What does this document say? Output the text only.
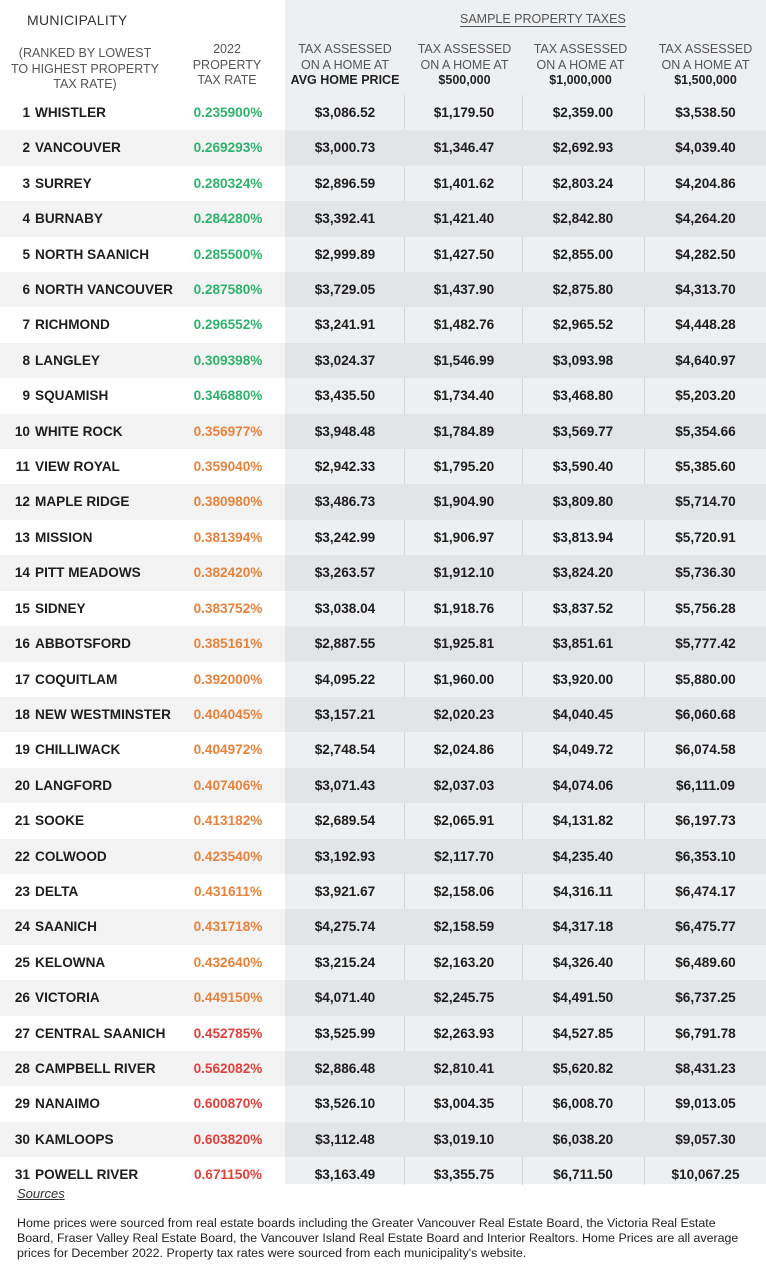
MUNICIPALITY
(RANKED BY LOWEST
TO HIGHEST PROPERTY
TAX RATE)
2022
PROPERTY
TAX RATE
SAMPLE PROPERTY TAXES
TAX ASSESSED
ON A HOME AT
AVG HOME PRICE
TAX ASSESSED
ON A HOME AT
$500,000
TAX ASSESSED
ON A HOME AT
$1,000,000
TAX ASSESSED
ON A HOME AT
$1,500,000
1 WHISTLER	0.235900%	$3,086.52	$1,179.50	$2,359.00	$3,538.50
2 VANCOUVER	0.269293%	$3,000.73	$1,346.47	$2,692.93	$4,039.40
3 SURREY	0.280324%	$2,896.59	$1,401.62	$2,803.24	$4,204.86
4 BURNABY	0.284280%	$3,392.41	$1,421.40	$2,842.80	$4,264.20
5 NORTH SAANICH	0.285500%	$2,999.89	$1,427.50	$2,855.00	$4,282.50
6 NORTH VANCOUVER	0.287580%	$3,729.05	$1,437.90	$2,875.80	$4,313.70
7 RICHMOND	0.296552%	$3,241.91	$1,482.76	$2,965.52	$4,448.28
8 LANGLEY	0.309398%	$3,024.37	$1,546.99	$3,093.98	$4,640.97
9 SQUAMISH	0.346880%	$3,435.50	$1,734.40	$3,468.80	$5,203.20
10 WHITE ROCK	0.356977%	$3,948.48	$1,784.89	$3,569.77	$5,354.66
11 VIEW ROYAL	0.359040%	$2,942.33	$1,795.20	$3,590.40	$5,385.60
12 MAPLE RIDGE	0.380980%	$3,486.73	$1,904.90	$3,809.80	$5,714.70
13 MISSION	0.381394%	$3,242.99	$1,906.97	$3,813.94	$5,720.91
14 PITT MEADOWS	0.382420%	$3,263.57	$1,912.10	$3,824.20	$5,736.30
15 SIDNEY	0.383752%	$3,038.04	$1,918.76	$3,837.52	$5,756.28
16 ABBOTSFORD	0.385161%	$2,887.55	$1,925.81	$3,851.61	$5,777.42
17 COQUITLAM	0.392000%	$4,095.22	$1,960.00	$3,920.00	$5,880.00
18 NEW WESTMINSTER	0.404045%	$3,157.21	$2,020.23	$4,040.45	$6,060.68
19 CHILLIWACK	0.404972%	$2,748.54	$2,024.86	$4,049.72	$6,074.58
20 LANGFORD	0.407406%	$3,071.43	$2,037.03	$4,074.06	$6,111.09
21 SOOKE	0.413182%	$2,689.54	$2,065.91	$4,131.82	$6,197.73
22 COLWOOD	0.423540%	$3,192.93	$2,117.70	$4,235.40	$6,353.10
23 DELTA	0.431611%	$3,921.67	$2,158.06	$4,316.11	$6,474.17
24 SAANICH	0.431718%	$4,275.74	$2,158.59	$4,317.18	$6,475.77
25 KELOWNA	0.432640%	$3,215.24	$2,163.20	$4,326.40	$6,489.60
26 VICTORIA	0.449150%	$4,071.40	$2,245.75	$4,491.50	$6,737.25
27 CENTRAL SAANICH	0.452785%	$3,525.99	$2,263.93	$4,527.85	$6,791.78
28 CAMPBELL RIVER	0.562082%	$2,886.48	$2,810.41	$5,620.82	$8,431.23
29 NANAIMO	0.600870%	$3,526.10	$3,004.35	$6,008.70	$9,013.05
30 KAMLOOPS	0.603820%	$3,112.48	$3,019.10	$6,038.20	$9,057.30
31 POWELL RIVER	0.671150%	$3,163.49	$3,355.75	$6,711.50	$10,067.25
Sources
Home prices were sourced from real estate boards including the Greater Vancouver Real Estate Board, the Victoria Real Estate Board, Fraser Valley Real Estate Board, the Vancouver Island Real Estate Board and Interior Realtors. Home Prices are all average prices for December 2022. Property tax rates were sourced from each municipality's website.
